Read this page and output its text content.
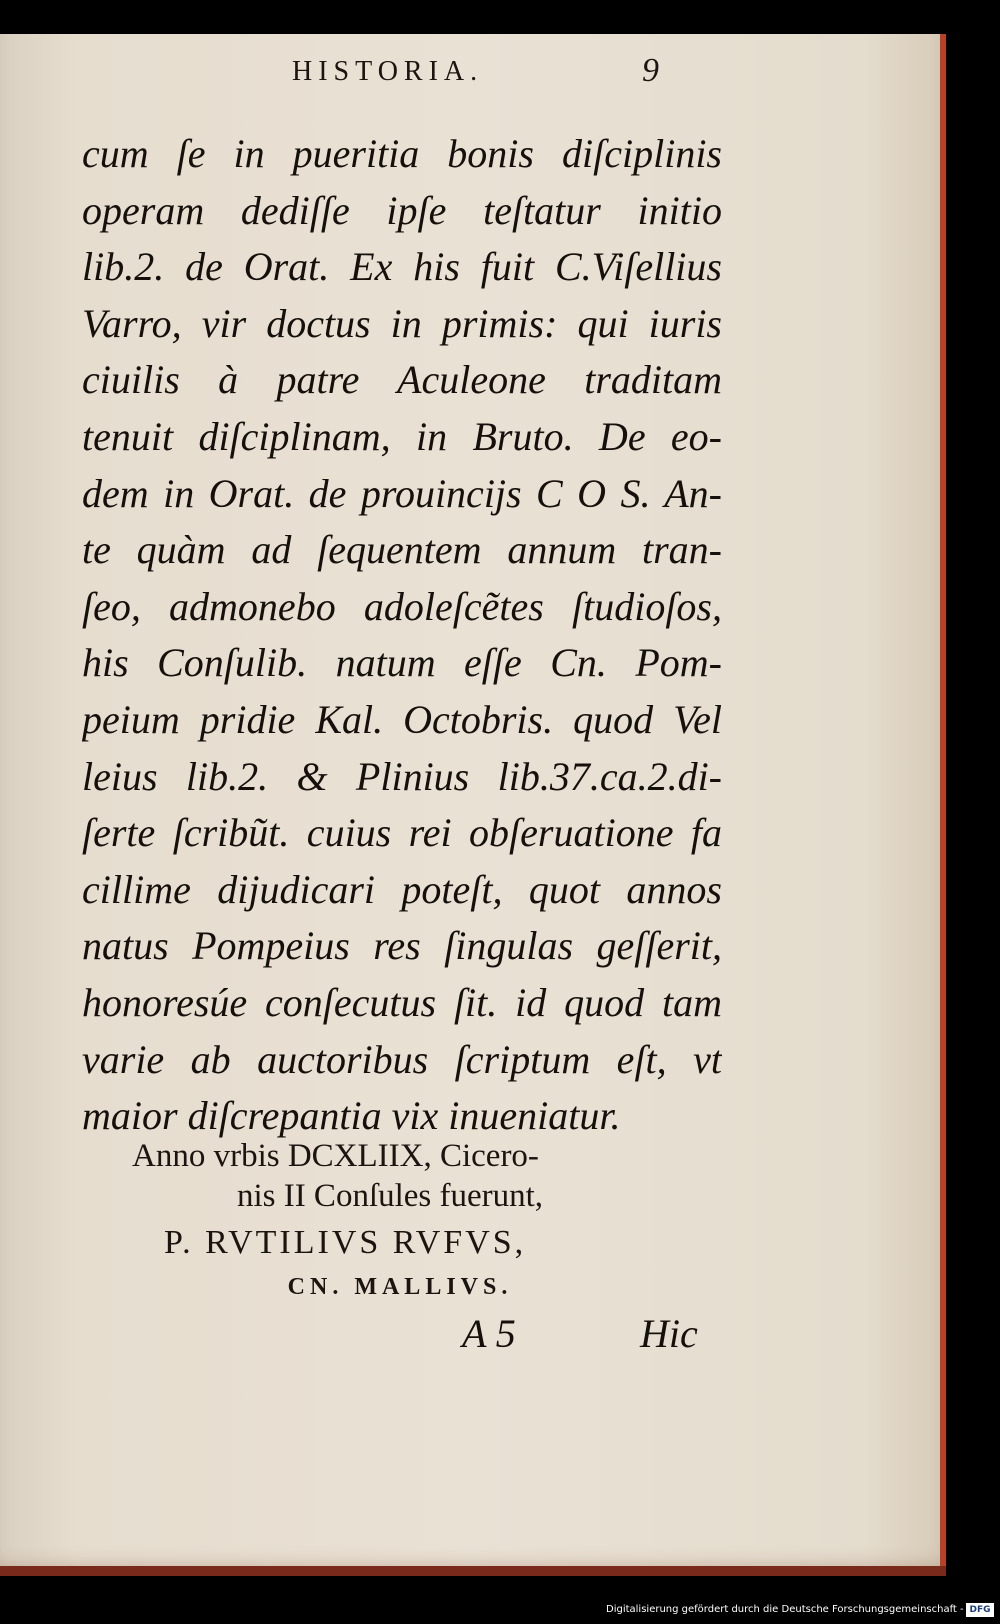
HISTORIA.	9
cum ſe in pueritia bonis diſciplinis
operam dediſſe ipſe teſtatur initio
lib.2. de Orat. Ex his fuit C.Viſellius
Varro, vir doctus in primis: qui iuris
ciuilis à patre Aculeone traditam
tenuit diſciplinam, in Bruto. De eo-
dem in Orat. de prouincijs C O S. An-
te quàm ad ſequentem annum tran-
ſeo, admonebo adoleſcẽtes ſtudioſos,
his Conſulib. natum eſſe Cn. Pom-
peium pridie Kal. Octobris. quod Vel
leius lib.2. & Plinius lib.37.ca.2.di-
ſerte ſcribũt. cuius rei obſeruatione fa
cillime dijudicari poteſt, quot annos
natus Pompeius res ſingulas geſſerit,
honoresúe conſecutus ſit. id quod tam
varie ab auctoribus ſcriptum eſt, vt
maior diſcrepantia vix inueniatur.
Anno vrbis DCXLIIX, Cicero-
nis II Conſules fuerunt,
P. RVTILIVS RVFVS,
CN. MALLIVS.
A 5	Hic
Digitalisierung gefördert durch die Deutsche Forschungsgemeinschaft - DFG
